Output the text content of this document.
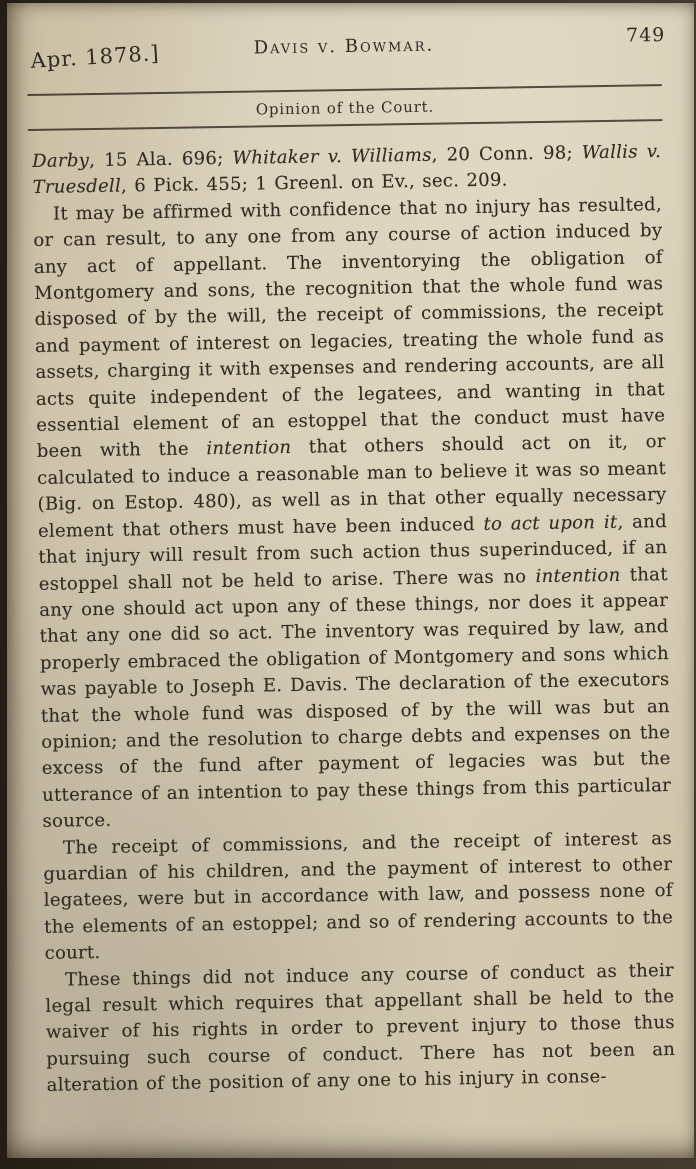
Apr. 1878.]	Davis v. Bowmar.	749
Opinion of the Court.

Darby, 15 Ala. 696; Whitaker v. Williams, 20 Conn. 98; Wallis v. Truesdell, 6 Pick. 455; 1 Greenl. on Ev., sec. 209.

It may be affirmed with confidence that no injury has resulted, or can result, to any one from any course of action induced by any act of appellant. The inventorying the obligation of Montgomery and sons, the recognition that the whole fund was disposed of by the will, the receipt of commissions, the receipt and payment of interest on legacies, treating the whole fund as assets, charging it with expenses and rendering accounts, are all acts quite independent of the legatees, and wanting in that essential element of an estoppel that the conduct must have been with the intention that others should act on it, or calculated to induce a reasonable man to believe it was so meant (Big. on Estop. 480), as well as in that other equally necessary element that others must have been induced to act upon it, and that injury will result from such action thus superinduced, if an estoppel shall not be held to arise. There was no intention that any one should act upon any of these things, nor does it appear that any one did so act. The inventory was required by law, and properly embraced the obligation of Montgomery and sons which was payable to Joseph E. Davis. The declaration of the executors that the whole fund was disposed of by the will was but an opinion; and the resolution to charge debts and expenses on the excess of the fund after payment of legacies was but the utterance of an intention to pay these things from this particular source.

The receipt of commissions, and the receipt of interest as guardian of his children, and the payment of interest to other legatees, were but in accordance with law, and possess none of the elements of an estoppel; and so of rendering accounts to the court.

These things did not induce any course of conduct as their legal result which requires that appellant shall be held to the waiver of his rights in order to prevent injury to those thus pursuing such course of conduct. There has not been an alteration of the position of any one to his injury in conse-
